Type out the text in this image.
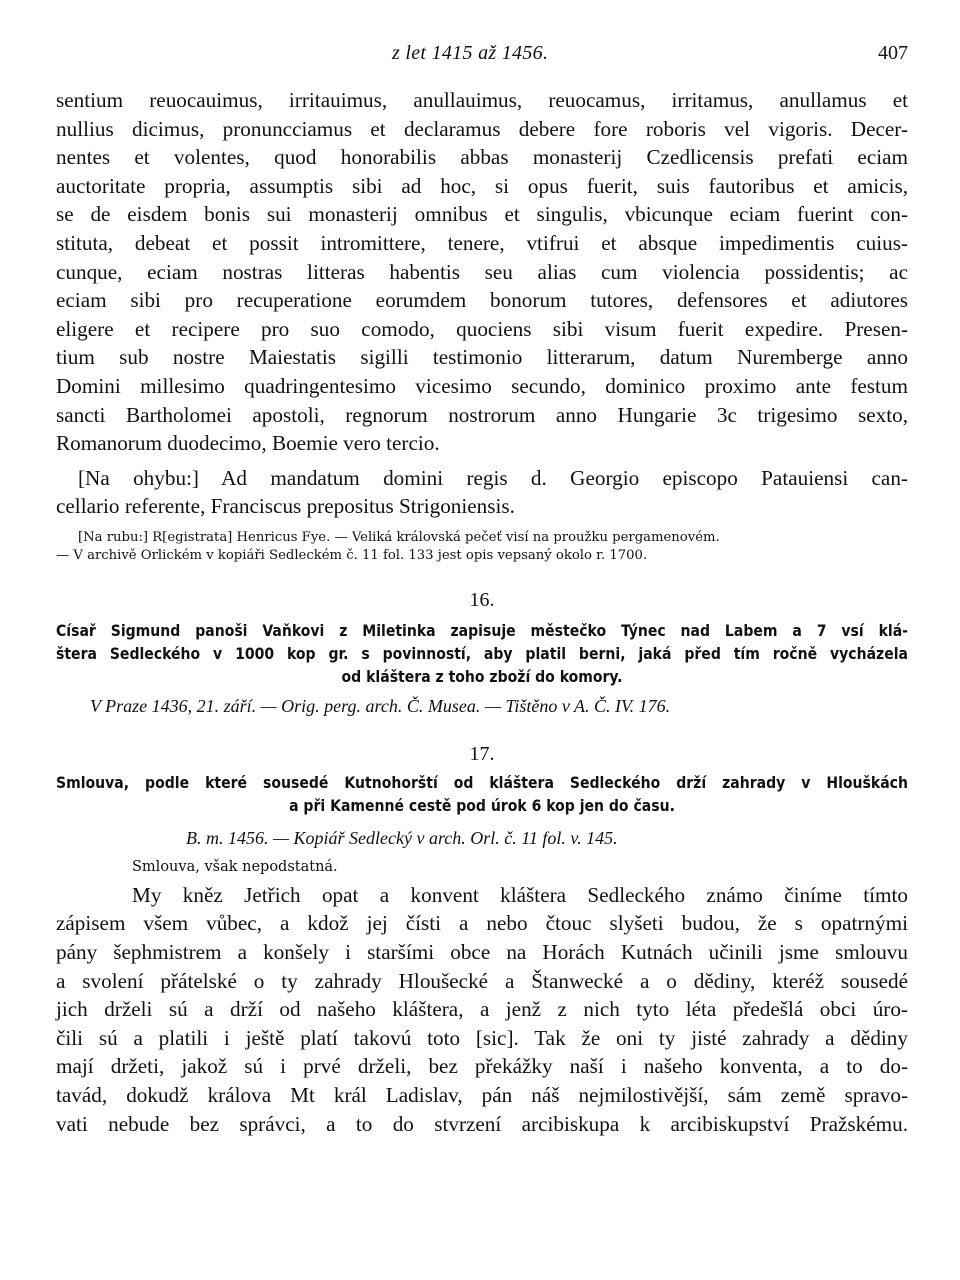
z let 1415 až 1456.	407
sentium reuocauimus, irritauimus, anullauimus, reuocamus, irritamus, anullamus et
nullius dicimus, pronuncciamus et declaramus debere fore roboris vel vigoris. Decer-
nentes et volentes, quod honorabilis abbas monasterij Czedlicensis prefati eciam
auctoritate propria, assumptis sibi ad hoc, si opus fuerit, suis fautoribus et amicis,
se de eisdem bonis sui monasterij omnibus et singulis, vbicunque eciam fuerint con-
stituta, debeat et possit intromittere, tenere, vtifrui et absque impedimentis cuius-
cunque, eciam nostras litteras habentis seu alias cum violencia possidentis; ac
eciam sibi pro recuperatione eorumdem bonorum tutores, defensores et adiutores
eligere et recipere pro suo comodo, quociens sibi visum fuerit expedire. Presen-
tium sub nostre Maiestatis sigilli testimonio litterarum, datum Nuremberge anno
Domini millesimo quadringentesimo vicesimo secundo, dominico proximo ante festum
sancti Bartholomei apostoli, regnorum nostrorum anno Hungarie 3c trigesimo sexto,
Romanorum duodecimo, Boemie vero tercio.
[Na ohybu:] Ad mandatum domini regis d. Georgio episcopo Patauiensi can-
cellario referente, Franciscus prepositus Strigoniensis.
[Na rubu:] R[egistrata] Henricus Fye. — Veliká královská pečeť visí na proužku pergamenovém.
— V archivě Orlickém v kopiáři Sedleckém č. 11 fol. 133 jest opis vepsaný okolo r. 1700.
16.
Císař Sigmund panoši Vaňkovi z Miletinka zapisuje městečko Týnec nad Labem a 7 vsí klá-
štera Sedleckého v 1000 kop gr. s povinností, aby platil berni, jaká před tím ročně vycházela
od kláštera z toho zboží do komory.
V Praze 1436, 21. září. — Orig. perg. arch. Č. Musea. — Tištěno v A. Č. IV. 176.
17.
Smlouva, podle které sousedé Kutnohorští od kláštera Sedleckého drží zahrady v Hlouškách
a při Kamenné cestě pod úrok 6 kop jen do času.
B. m. 1456. — Kopiář Sedlecký v arch. Orl. č. 11 fol. v. 145.
Smlouva, však nepodstatná.
My kněz Jetřich opat a konvent kláštera Sedleckého známo činíme tímto
zápisem všem vůbec, a kdož jej čísti a nebo čtouc slyšeti budou, že s opatrnými
pány šephmistrem a konšely i staršími obce na Horách Kutnách učinili jsme smlouvu
a svolení přátelské o ty zahrady Hloušecké a Štanwecké a o dědiny, kteréž sousedé
jich drželi sú a drží od našeho kláštera, a jenž z nich tyto léta předešlá obci úro-
čili sú a platili i ještě platí takovú toto [sic]. Tak že oni ty jisté zahrady a dědiny
mají držeti, jakož sú i prvé drželi, bez překážky naší i našeho konventa, a to do-
tavád, dokudž králova Mt král Ladislav, pán náš nejmilostivější, sám země spravo-
vati nebude bez správci, a to do stvrzení arcibiskupa k arcibiskupství Pražskému.
